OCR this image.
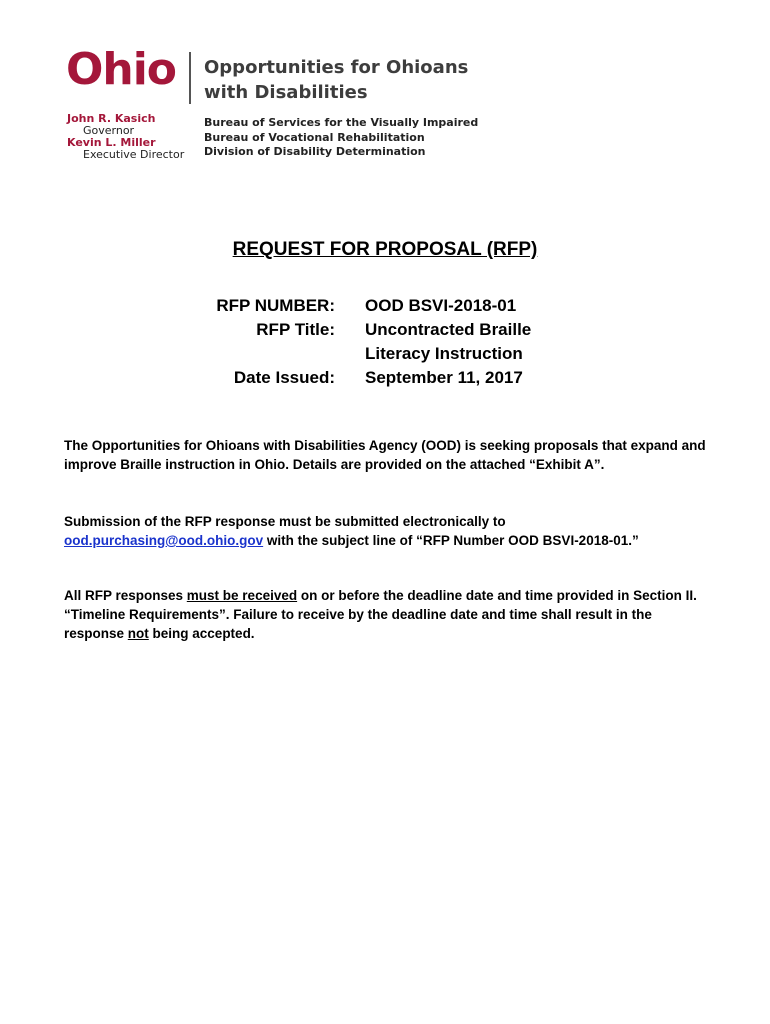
Ohio Opportunities for Ohioans
with Disabilities
John R. Kasich
Governor
Kevin L. Miller
Executive Director
Bureau of Services for the Visually Impaired
Bureau of Vocational Rehabilitation
Division of Disability Determination
REQUEST FOR PROPOSAL (RFP)
RFP NUMBER:	OOD BSVI-2018-01
RFP Title:	Uncontracted Braille
Literacy Instruction
Date Issued:	September 11, 2017
The Opportunities for Ohioans with Disabilities Agency (OOD) is seeking proposals that expand and improve Braille instruction in Ohio. Details are provided on the attached “Exhibit A”.
Submission of the RFP response must be submitted electronically to
ood.purchasing@ood.ohio.gov with the subject line of “RFP Number OOD BSVI-2018-01.”
All RFP responses must be received on or before the deadline date and time provided in Section II. “Timeline Requirements”. Failure to receive by the deadline date and time shall result in the response not being accepted.
